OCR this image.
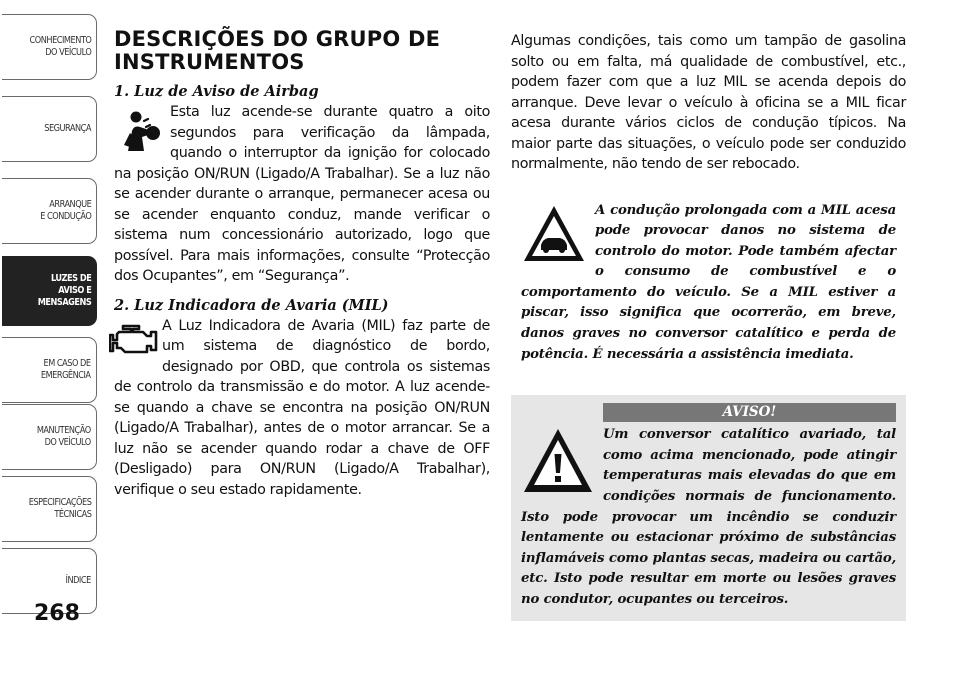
CONHECIMENTO
DO VEÍCULO
SEGURANÇA
ARRANQUE
E CONDUÇÃO
LUZES DE
AVISO E
MENSAGENS
EM CASO DE
EMERGÊNCIA
MANUTENÇÃO
DO VEÍCULO
ESPECIFICAÇÕES
TÉCNICAS
ÍNDICE
268
DESCRIÇÕES DO GRUPO DE
INSTRUMENTOS
1. Luz de Aviso de Airbag
Esta luz acende-se durante quatro a oito segundos para verificação da lâmpada, quando o interruptor da ignição for colocado na posição ON/RUN (Ligado/A Trabalhar). Se a luz não se acender durante o arranque, permanecer acesa ou se acender enquanto conduz, mande verificar o sistema num concessionário autorizado, logo que possível. Para mais informações, consulte “Protecção dos Ocupantes”, em “Segurança”.
2. Luz Indicadora de Avaria (MIL)
A Luz Indicadora de Avaria (MIL) faz parte de um sistema de diagnóstico de bordo, designado por OBD, que controla os sistemas de controlo da transmissão e do motor. A luz acende-se quando a chave se encontra na posição ON/RUN (Ligado/A Trabalhar), antes de o motor arrancar. Se a luz não se acender quando rodar a chave de OFF (Desligado) para ON/RUN (Ligado/A Trabalhar), verifique o seu estado rapidamente.
Algumas condições, tais como um tampão de gasolina solto ou em falta, má qualidade de combustível, etc., podem fazer com que a luz MIL se acenda depois do arranque. Deve levar o veículo à oficina se a MIL ficar acesa durante vários ciclos de condução típicos. Na maior parte das situações, o veículo pode ser conduzido normalmente, não tendo de ser rebocado.
A condução prolongada com a MIL acesa pode provocar danos no sistema de controlo do motor. Pode também afectar o consumo de combustível e o comportamento do veículo. Se a MIL estiver a piscar, isso significa que ocorrerão, em breve, danos graves no conversor catalítico e perda de potência. É necessária a assistência imediata.
AVISO!
Um conversor catalítico avariado, tal como acima mencionado, pode atingir temperaturas mais elevadas do que em condições normais de funcionamento. Isto pode provocar um incêndio se conduzir lentamente ou estacionar próximo de substâncias inflamáveis como plantas secas, madeira ou cartão, etc. Isto pode resultar em morte ou lesões graves no condutor, ocupantes ou terceiros.
